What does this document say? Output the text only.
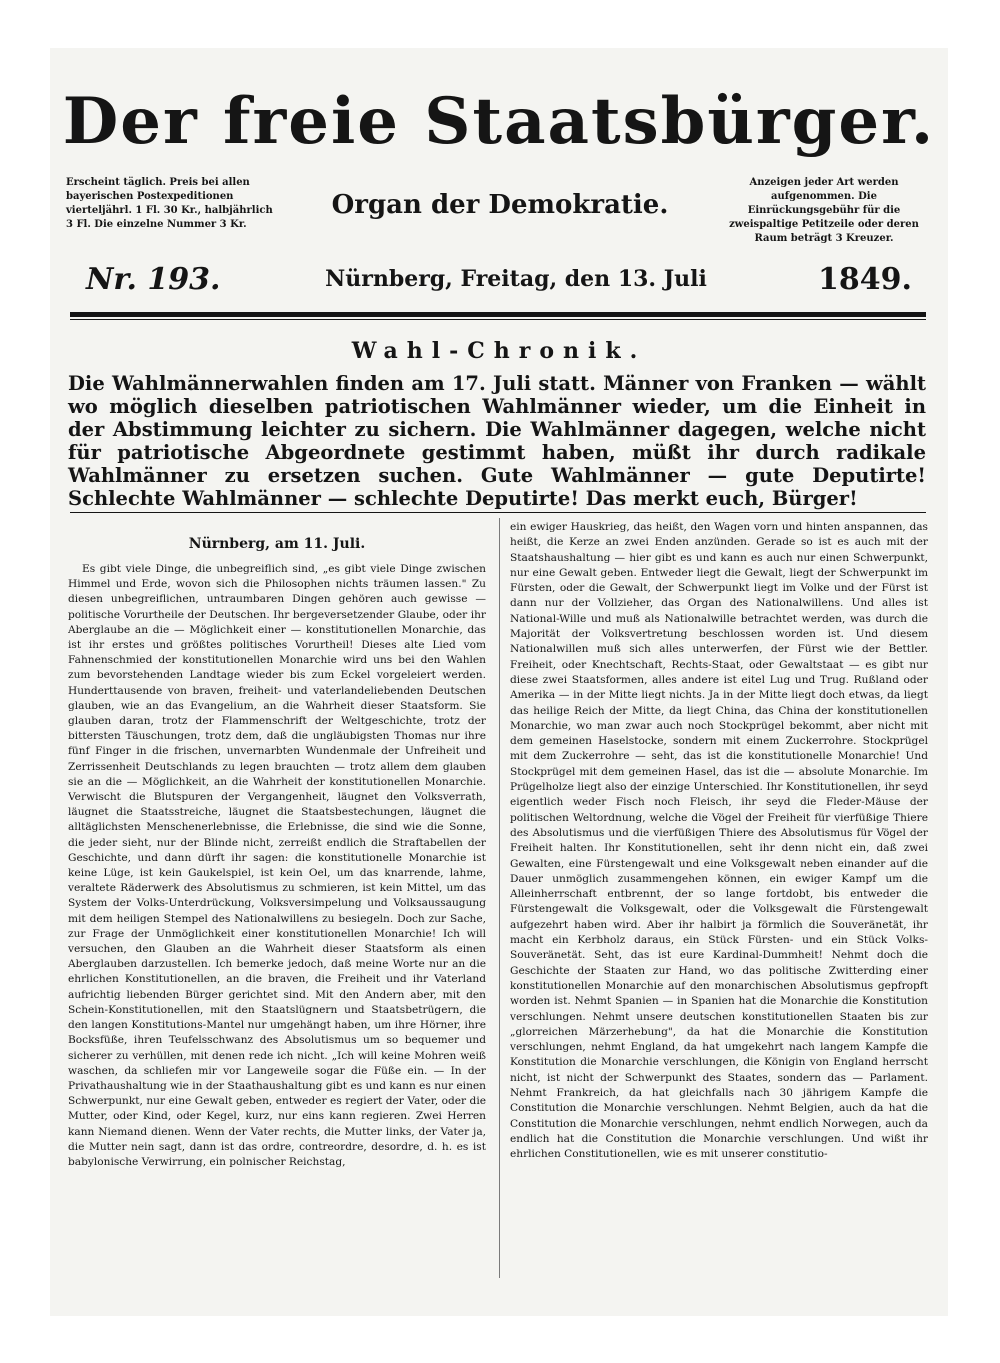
Der freie Staatsbürger.
Erscheint täglich. Preis bei allen bayerischen Postexpeditionen vierteljährl. 1 Fl. 30 Kr., halbjährlich 3 Fl. Die einzelne Nummer 3 Kr.
Organ der Demokratie.
Anzeigen jeder Art werden aufgenommen. Die Einrückungsgebühr für die zweispaltige Petitzeile oder deren Raum beträgt 3 Kreuzer.
Nr. 193.	Nürnberg, Freitag, den 13. Juli	1849.
Wahl-Chronik.
Die Wahlmännerwahlen finden am 17. Juli statt. Männer von Franken — wählt wo möglich dieselben patriotischen Wahlmänner wieder, um die Einheit in der Abstimmung leichter zu sichern. Die Wahlmänner dagegen, welche nicht für patriotische Abgeordnete gestimmt haben, müßt ihr durch radikale Wahlmänner zu ersetzen suchen. Gute Wahlmänner — gute Deputirte! Schlechte Wahlmänner — schlechte Deputirte! Das merkt euch, Bürger!
Nürnberg, am 11. Juli.

Es gibt viele Dinge, die unbegreiflich sind, „es gibt viele Dinge zwischen Himmel und Erde, wovon sich die Philosophen nichts träumen lassen." Zu diesen unbegreiflichen, untraumbaren Dingen gehören auch gewisse — politische Vorurtheile der Deutschen. Ihr bergeversetzender Glaube, oder ihr Aberglaube an die — Möglichkeit einer — konstitutionellen Monarchie, das ist ihr erstes und größtes politisches Vorurtheil! Dieses alte Lied vom Fahnenschmied der konstitutionellen Monarchie wird uns bei den Wahlen zum bevorstehenden Landtage wieder bis zum Eckel vorgeleiert werden. Hunderttausende von braven, freiheit- und vaterlandeliebenden Deutschen glauben, wie an das Evangelium, an die Wahrheit dieser Staatsform. Sie glauben daran, trotz der Flammenschrift der Weltgeschichte, trotz der bittersten Täuschungen, trotz dem, daß die ungläubigsten Thomas nur ihre fünf Finger in die frischen, unvernarbten Wundenmale der Unfreiheit und Zerrissenheit Deutschlands zu legen brauchten — trotz allem dem glauben sie an die — Möglichkeit, an die Wahrheit der konstitutionellen Monarchie. Verwischt die Blutspuren der Vergangenheit, läugnet den Volksverrath, läugnet die Staatsstreiche, läugnet die Staatsbestechungen, läugnet die alltäglichsten Menschenerlebnisse, die Erlebnisse, die sind wie die Sonne, die jeder sieht, nur der Blinde nicht, zerreißt endlich die Straftabellen der Geschichte, und dann dürft ihr sagen: die konstitutionelle Monarchie ist keine Lüge, ist kein Gaukelspiel, ist kein Oel, um das knarrende, lahme, veraltete Räderwerk des Absolutismus zu schmieren, ist kein Mittel, um das System der Volks-Unterdrückung, Volksversimpelung und Volksaussaugung mit dem heiligen Stempel des Nationalwillens zu besiegeln. Doch zur Sache, zur Frage der Unmöglichkeit einer konstitutionellen Monarchie! Ich will versuchen, den Glauben an die Wahrheit dieser Staatsform als einen Aberglauben darzustellen. Ich bemerke jedoch, daß meine Worte nur an die ehrlichen Konstitutionellen, an die braven, die Freiheit und ihr Vaterland aufrichtig liebenden Bürger gerichtet sind. Mit den Andern aber, mit den Schein-Konstitutionellen, mit den Staatslügnern und Staatsbetrügern, die den langen Konstitutions-Mantel nur umgehängt haben, um ihre Hörner, ihre Bocksfüße, ihren Teufelsschwanz des Absolutismus um so bequemer und sicherer zu verhüllen, mit denen rede ich nicht. „Ich will keine Mohren weiß waschen, da schliefen mir vor Langeweile sogar die Füße ein. — In der Privathaushaltung wie in der Staathaushaltung gibt es und kann es nur einen Schwerpunkt, nur eine Gewalt geben, entweder es regiert der Vater, oder die Mutter, oder Kind, oder Kegel, kurz, nur eins kann regieren. Zwei Herren kann Niemand dienen. Wenn der Vater rechts, die Mutter links, der Vater ja, die Mutter nein sagt, dann ist das ordre, contreordre, desordre, d. h. es ist babylonische Verwirrung, ein polnischer Reichstag,

ein ewiger Hauskrieg, das heißt, den Wagen vorn und hinten anspannen, das heißt, die Kerze an zwei Enden anzünden. Gerade so ist es auch mit der Staatshaushaltung — hier gibt es und kann es auch nur einen Schwerpunkt, nur eine Gewalt geben. Entweder liegt die Gewalt, liegt der Schwerpunkt im Fürsten, oder die Gewalt, der Schwerpunkt liegt im Volke und der Fürst ist dann nur der Vollzieher, das Organ des Nationalwillens. Und alles ist National-Wille und muß als Nationalwille betrachtet werden, was durch die Majorität der Volksvertretung beschlossen worden ist. Und diesem Nationalwillen muß sich alles unterwerfen, der Fürst wie der Bettler. Freiheit, oder Knechtschaft, Rechts-Staat, oder Gewaltstaat — es gibt nur diese zwei Staatsformen, alles andere ist eitel Lug und Trug. Rußland oder Amerika — in der Mitte liegt nichts. Ja in der Mitte liegt doch etwas, da liegt das heilige Reich der Mitte, da liegt China, das China der konstitutionellen Monarchie, wo man zwar auch noch Stockprügel bekommt, aber nicht mit dem gemeinen Haselstocke, sondern mit einem Zuckerrohre. Stockprügel mit dem Zuckerrohre — seht, das ist die konstitutionelle Monarchie! Und Stockprügel mit dem gemeinen Hasel, das ist die — absolute Monarchie. Im Prügelholze liegt also der einzige Unterschied. Ihr Konstitutionellen, ihr seyd eigentlich weder Fisch noch Fleisch, ihr seyd die Fleder-Mäuse der politischen Weltordnung, welche die Vögel der Freiheit für vierfüßige Thiere des Absolutismus und die vierfüßigen Thiere des Absolutismus für Vögel der Freiheit halten. Ihr Konstitutionellen, seht ihr denn nicht ein, daß zwei Gewalten, eine Fürstengewalt und eine Volksgewalt neben einander auf die Dauer unmöglich zusammengehen können, ein ewiger Kampf um die Alleinherrschaft entbrennt, der so lange fortdobt, bis entweder die Fürstengewalt die Volksgewalt, oder die Volksgewalt die Fürstengewalt aufgezehrt haben wird. Aber ihr halbirt ja förmlich die Souveränetät, ihr macht ein Kerbholz daraus, ein Stück Fürsten- und ein Stück Volks-Souveränetät. Seht, das ist eure Kardinal-Dummheit! Nehmt doch die Geschichte der Staaten zur Hand, wo das politische Zwitterding einer konstitutionellen Monarchie auf den monarchischen Absolutismus gepfropft worden ist. Nehmt Spanien — in Spanien hat die Monarchie die Konstitution verschlungen. Nehmt unsere deutschen konstitutionellen Staaten bis zur „glorreichen Märzerhebung", da hat die Monarchie die Konstitution verschlungen, nehmt England, da hat umgekehrt nach langem Kampfe die Konstitution die Monarchie verschlungen, die Königin von England herrscht nicht, ist nicht der Schwerpunkt des Staates, sondern das — Parlament. Nehmt Frankreich, da hat gleichfalls nach 30 jährigem Kampfe die Constitution die Monarchie verschlungen. Nehmt Belgien, auch da hat die Constitution die Monarchie verschlungen, nehmt endlich Norwegen, auch da endlich hat die Constitution die Monarchie verschlungen. Und wißt ihr ehrlichen Constitutionellen, wie es mit unserer constitutio-
